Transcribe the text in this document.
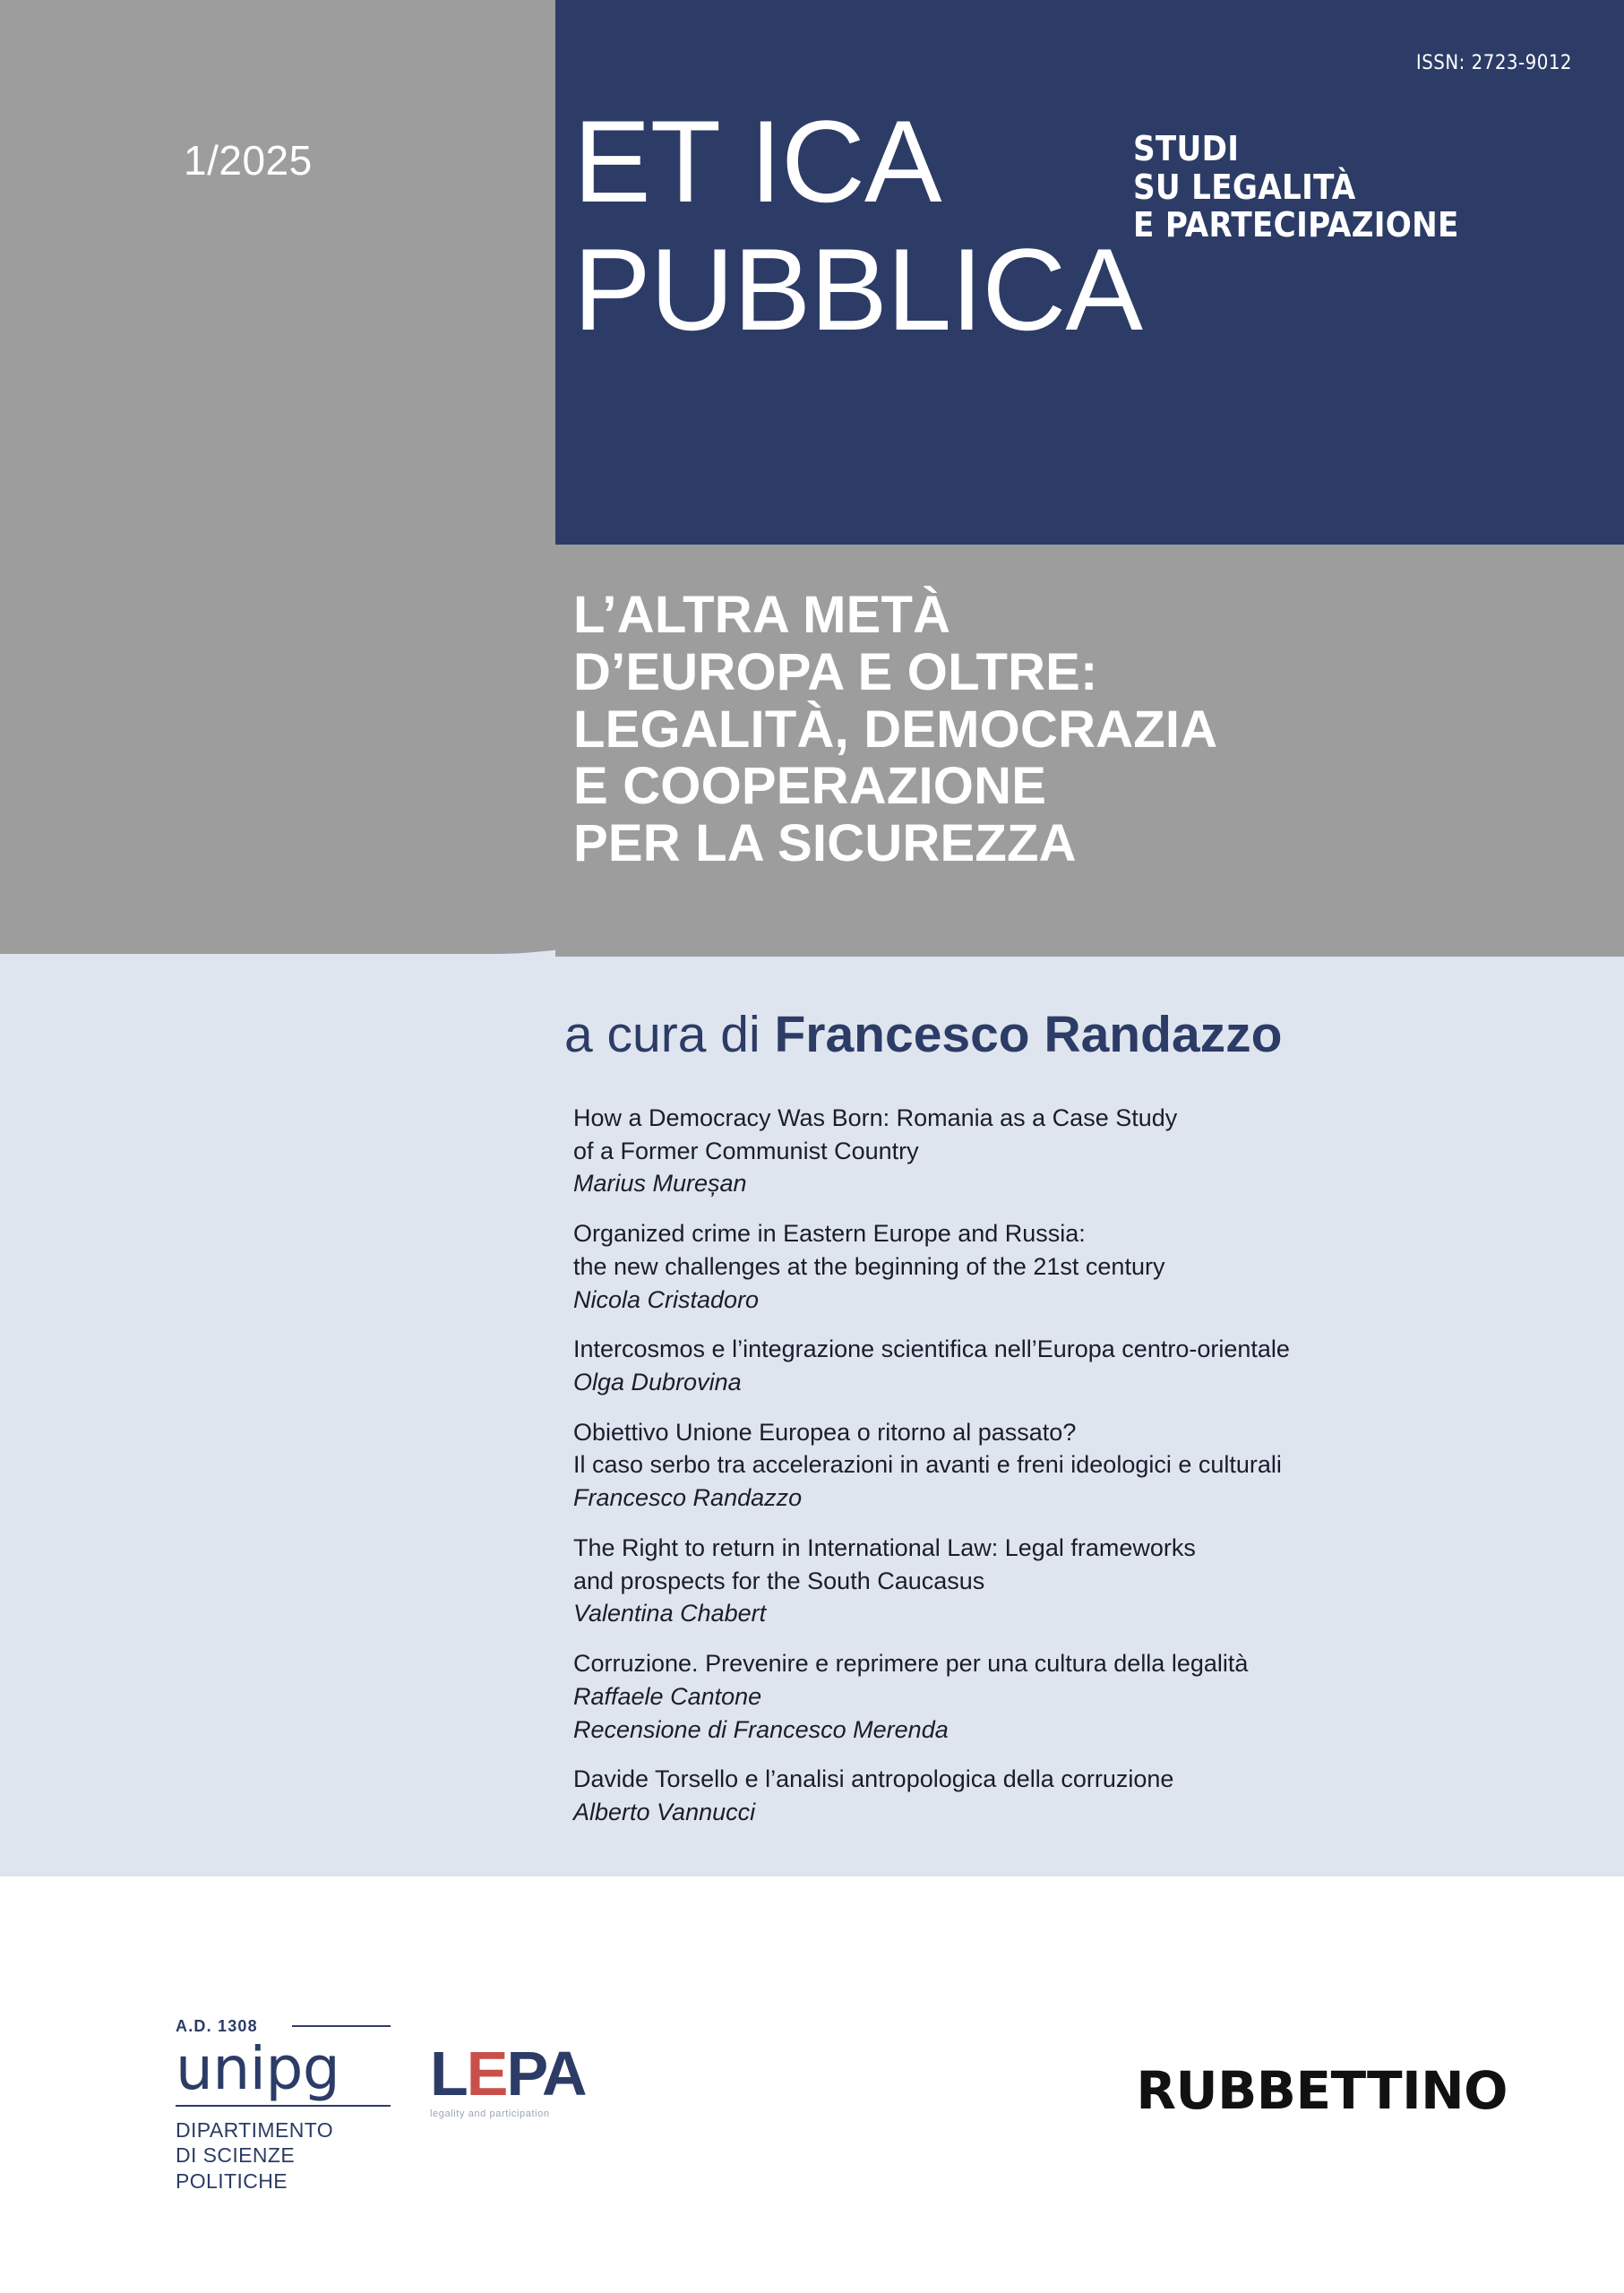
ISSN: 2723-9012
1/2025 ET ICA
PUBBLICA
STUDI
SU LEGALITÀ
E PARTECIPAZIONE
L’ALTRA METÀ
D’EUROPA E OLTRE:
LEGALITÀ, DEMOCRAZIA
E COOPERAZIONE
PER LA SICUREZZA
a cura di Francesco Randazzo
How a Democracy Was Born: Romania as a Case Study
of a Former Communist Country
Marius Mureșan
Organized crime in Eastern Europe and Russia:
the new challenges at the beginning of the 21st century
Nicola Cristadoro
Intercosmos e l’integrazione scientifica nell’Europa centro-orientale
Olga Dubrovina
Obiettivo Unione Europea o ritorno al passato?
Il caso serbo tra accelerazioni in avanti e freni ideologici e culturali
Francesco Randazzo
The Right to return in International Law: Legal frameworks
and prospects for the South Caucasus
Valentina Chabert
Corruzione. Prevenire e reprimere per una cultura della legalità
Raffaele Cantone
Recensione di Francesco Merenda
Davide Torsello e l’analisi antropologica della corruzione
Alberto Vannucci
A.D. 1308
unipg
DIPARTIMENTO
DI SCIENZE POLITICHE
LEPA
legality and participation	RUBBETTINO
